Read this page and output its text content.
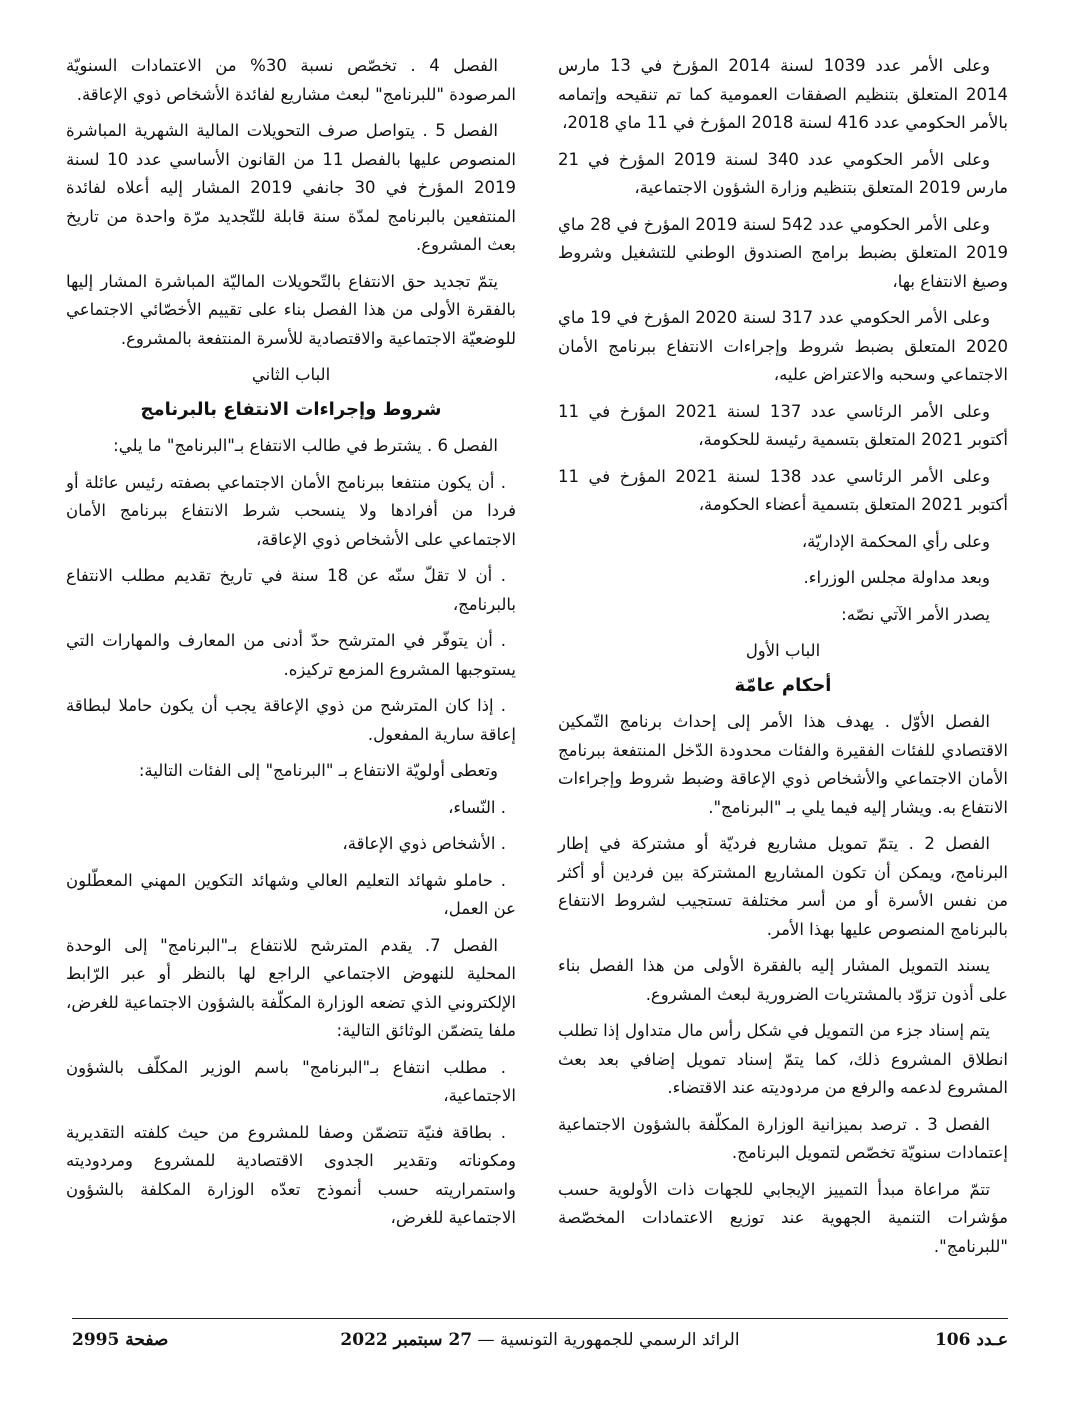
وعلى الأمر عدد 1039 لسنة 2014 المؤرخ في 13 مارس 2014 المتعلق بتنظيم الصفقات العمومية كما تم تنقيحه وإتمامه بالأمر الحكومي عدد 416 لسنة 2018 المؤرخ في 11 ماي 2018،

وعلى الأمر الحكومي عدد 340 لسنة 2019 المؤرخ في 21 مارس 2019 المتعلق بتنظيم وزارة الشؤون الاجتماعية،

وعلى الأمر الحكومي عدد 542 لسنة 2019 المؤرخ في 28 ماي 2019 المتعلق بضبط برامج الصندوق الوطني للتشغيل وشروط وصيغ الانتفاع بها،

وعلى الأمر الحكومي عدد 317 لسنة 2020 المؤرخ في 19 ماي 2020 المتعلق بضبط شروط وإجراءات الانتفاع ببرنامج الأمان الاجتماعي وسحبه والاعتراض عليه،

وعلى الأمر الرئاسي عدد 137 لسنة 2021 المؤرخ في 11 أكتوبر 2021 المتعلق بتسمية رئيسة للحكومة،

وعلى الأمر الرئاسي عدد 138 لسنة 2021 المؤرخ في 11 أكتوبر 2021 المتعلق بتسمية أعضاء الحكومة،

وعلى رأي المحكمة الإداريّة،

وبعد مداولة مجلس الوزراء.

يصدر الأمر الآتي نصّه:

الباب الأول

أحكام عامّة

الفصل الأوّل . يهدف هذا الأمر إلى إحداث برنامج التّمكين الاقتصادي للفئات الفقيرة والفئات محدودة الدّخل المنتفعة ببرنامج الأمان الاجتماعي والأشخاص ذوي الإعاقة وضبط شروط وإجراءات الانتفاع به. ويشار إليه فيما يلي بـ "البرنامج".

الفصل 2 . يتمّ تمويل مشاريع فرديّة أو مشتركة في إطار البرنامج، ويمكن أن تكون المشاريع المشتركة بين فردين أو أكثر من نفس الأسرة أو من أسر مختلفة تستجيب لشروط الانتفاع بالبرنامج المنصوص عليها بهذا الأمر.

يسند التمويل المشار إليه بالفقرة الأولى من هذا الفصل بناء على أذون تزوّد بالمشتريات الضرورية لبعث المشروع.

يتم إسناد جزء من التمويل في شكل رأس مال متداول إذا تطلب انطلاق المشروع ذلك، كما يتمّ إسناد تمويل إضافي بعد بعث المشروع لدعمه والرفع من مردوديته عند الاقتضاء.

الفصل 3 . ترصد بميزانية الوزارة المكلّفة بالشؤون الاجتماعية إعتمادات سنويّة تخصّص لتمويل البرنامج.

تتمّ مراعاة مبدأ التمييز الإيجابي للجهات ذات الأولوية حسب مؤشرات التنمية الجهوية عند توزيع الاعتمادات المخصّصة "للبرنامج".

الفصل 4 . تخصّص نسبة 30% من الاعتمادات السنويّة المرصودة "للبرنامج" لبعث مشاريع لفائدة الأشخاص ذوي الإعاقة.

الفصل 5 . يتواصل صرف التحويلات المالية الشهرية المباشرة المنصوص عليها بالفصل 11 من القانون الأساسي عدد 10 لسنة 2019 المؤرخ في 30 جانفي 2019 المشار إليه أعلاه لفائدة المنتفعين بالبرنامج لمدّة سنة قابلة للتّجديد مرّة واحدة من تاريخ بعث المشروع.

يتمّ تجديد حق الانتفاع بالتّحويلات الماليّة المباشرة المشار إليها بالفقرة الأولى من هذا الفصل بناء على تقييم الأخصّائي الاجتماعي للوضعيّة الاجتماعية والاقتصادية للأسرة المنتفعة بالمشروع.

الباب الثاني

شروط وإجراءات الانتفاع بالبرنامج

الفصل 6 . يشترط في طالب الانتفاع بـ"البرنامج" ما يلي:

. أن يكون منتفعا ببرنامج الأمان الاجتماعي بصفته رئيس عائلة أو فردا من أفرادها ولا ينسحب شرط الانتفاع ببرنامج الأمان الاجتماعي على الأشخاص ذوي الإعاقة،

. أن لا تقلّ سنّه عن 18 سنة في تاريخ تقديم مطلب الانتفاع بالبرنامج،

. أن يتوفّر في المترشح حدّ أدنى من المعارف والمهارات التي يستوجبها المشروع المزمع تركيزه.

. إذا كان المترشح من ذوي الإعاقة يجب أن يكون حاملا لبطاقة إعاقة سارية المفعول.

وتعطى أولويّة الانتفاع بـ "البرنامج" إلى الفئات التالية:

. النّساء،

. الأشخاص ذوي الإعاقة،

. حاملو شهائد التعليم العالي وشهائد التكوين المهني المعطّلون عن العمل،

الفصل 7. يقدم المترشح للانتفاع بـ"البرنامج" إلى الوحدة المحلية للنهوض الاجتماعي الراجع لها بالنظر أو عبر الرّابط الإلكتروني الذي تضعه الوزارة المكلّفة بالشؤون الاجتماعية للغرض، ملفا يتضمّن الوثائق التالية:

. مطلب انتفاع بـ"البرنامج" باسم الوزير المكلّف بالشؤون الاجتماعية،

. بطاقة فنيّة تتضمّن وصفا للمشروع من حيث كلفته التقديرية ومكوناته وتقدير الجدوى الاقتصادية للمشروع ومردوديته واستمراريته حسب أنموذج تعدّه الوزارة المكلفة بالشؤون الاجتماعية للغرض،

عـدد 106
الرائد الرسمي للجمهورية التونسية — 27 سبتمبر 2022
صفحة 2995
